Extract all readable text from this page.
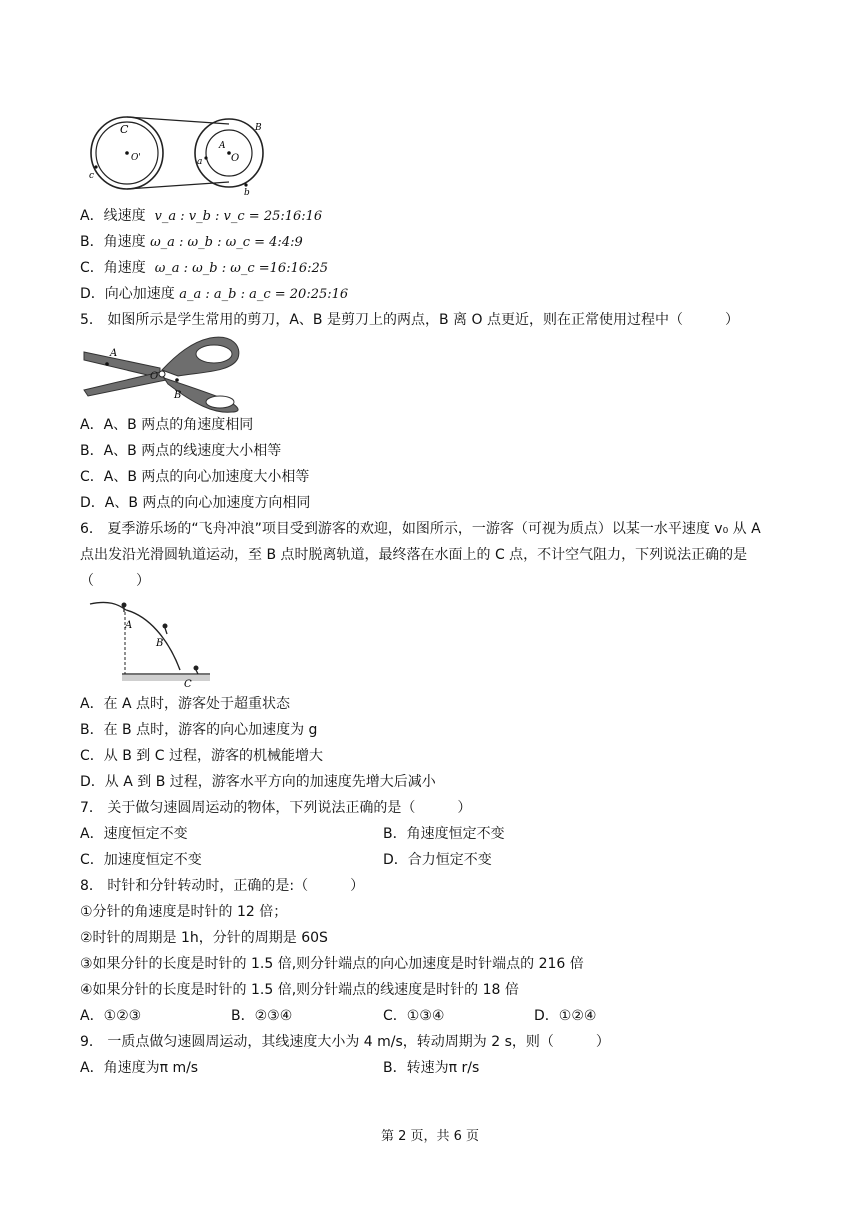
C
O'
c
B
A
a	O
b
A．线速度 v_a : v_b : v_c = 25:16:16
B．角速度 ω_a : ω_b : ω_c = 4:4:9
C．角速度 ω_a : ω_b : ω_c =16:16:25
D．向心加速度 a_a : a_b : a_c = 20:25:16
5． 如图所示是学生常用的剪刀，A、B 是剪刀上的两点，B 离 O 点更近，则在正常使用过程中（　　　）
A
O
B
A．A、B 两点的角速度相同
B．A、B 两点的线速度大小相等
C．A、B 两点的向心加速度大小相等
D．A、B 两点的向心加速度方向相同
6． 夏季游乐场的“飞舟冲浪”项目受到游客的欢迎，如图所示，一游客（可视为质点）以某一水平速度 v₀ 从 A
点出发沿光滑圆轨道运动，至 B 点时脱离轨道，最终落在水面上的 C 点，不计空气阻力，下列说法正确的是
（　　　）
A
B
C
A．在 A 点时，游客处于超重状态
B．在 B 点时，游客的向心加速度为 g
C．从 B 到 C 过程，游客的机械能增大
D．从 A 到 B 过程，游客水平方向的加速度先增大后减小
7． 关于做匀速圆周运动的物体，下列说法正确的是（　　　）
A．速度恒定不变	B．角速度恒定不变
C．加速度恒定不变	D．合力恒定不变
8． 时针和分针转动时，正确的是:（　　　）
①分针的角速度是时针的 12 倍；
②时针的周期是 1h，分针的周期是 60S
③如果分针的长度是时针的 1.5 倍,则分针端点的向心加速度是时针端点的 216 倍
④如果分针的长度是时针的 1.5 倍,则分针端点的线速度是时针的 18 倍
A．①②③	B．②③④	C．①③④	D．①②④
9． 一质点做匀速圆周运动，其线速度大小为 4 m/s，转动周期为 2 s，则（　　　）
A．角速度为π m/s	B．转速为π r/s
第 2 页，共 6 页
